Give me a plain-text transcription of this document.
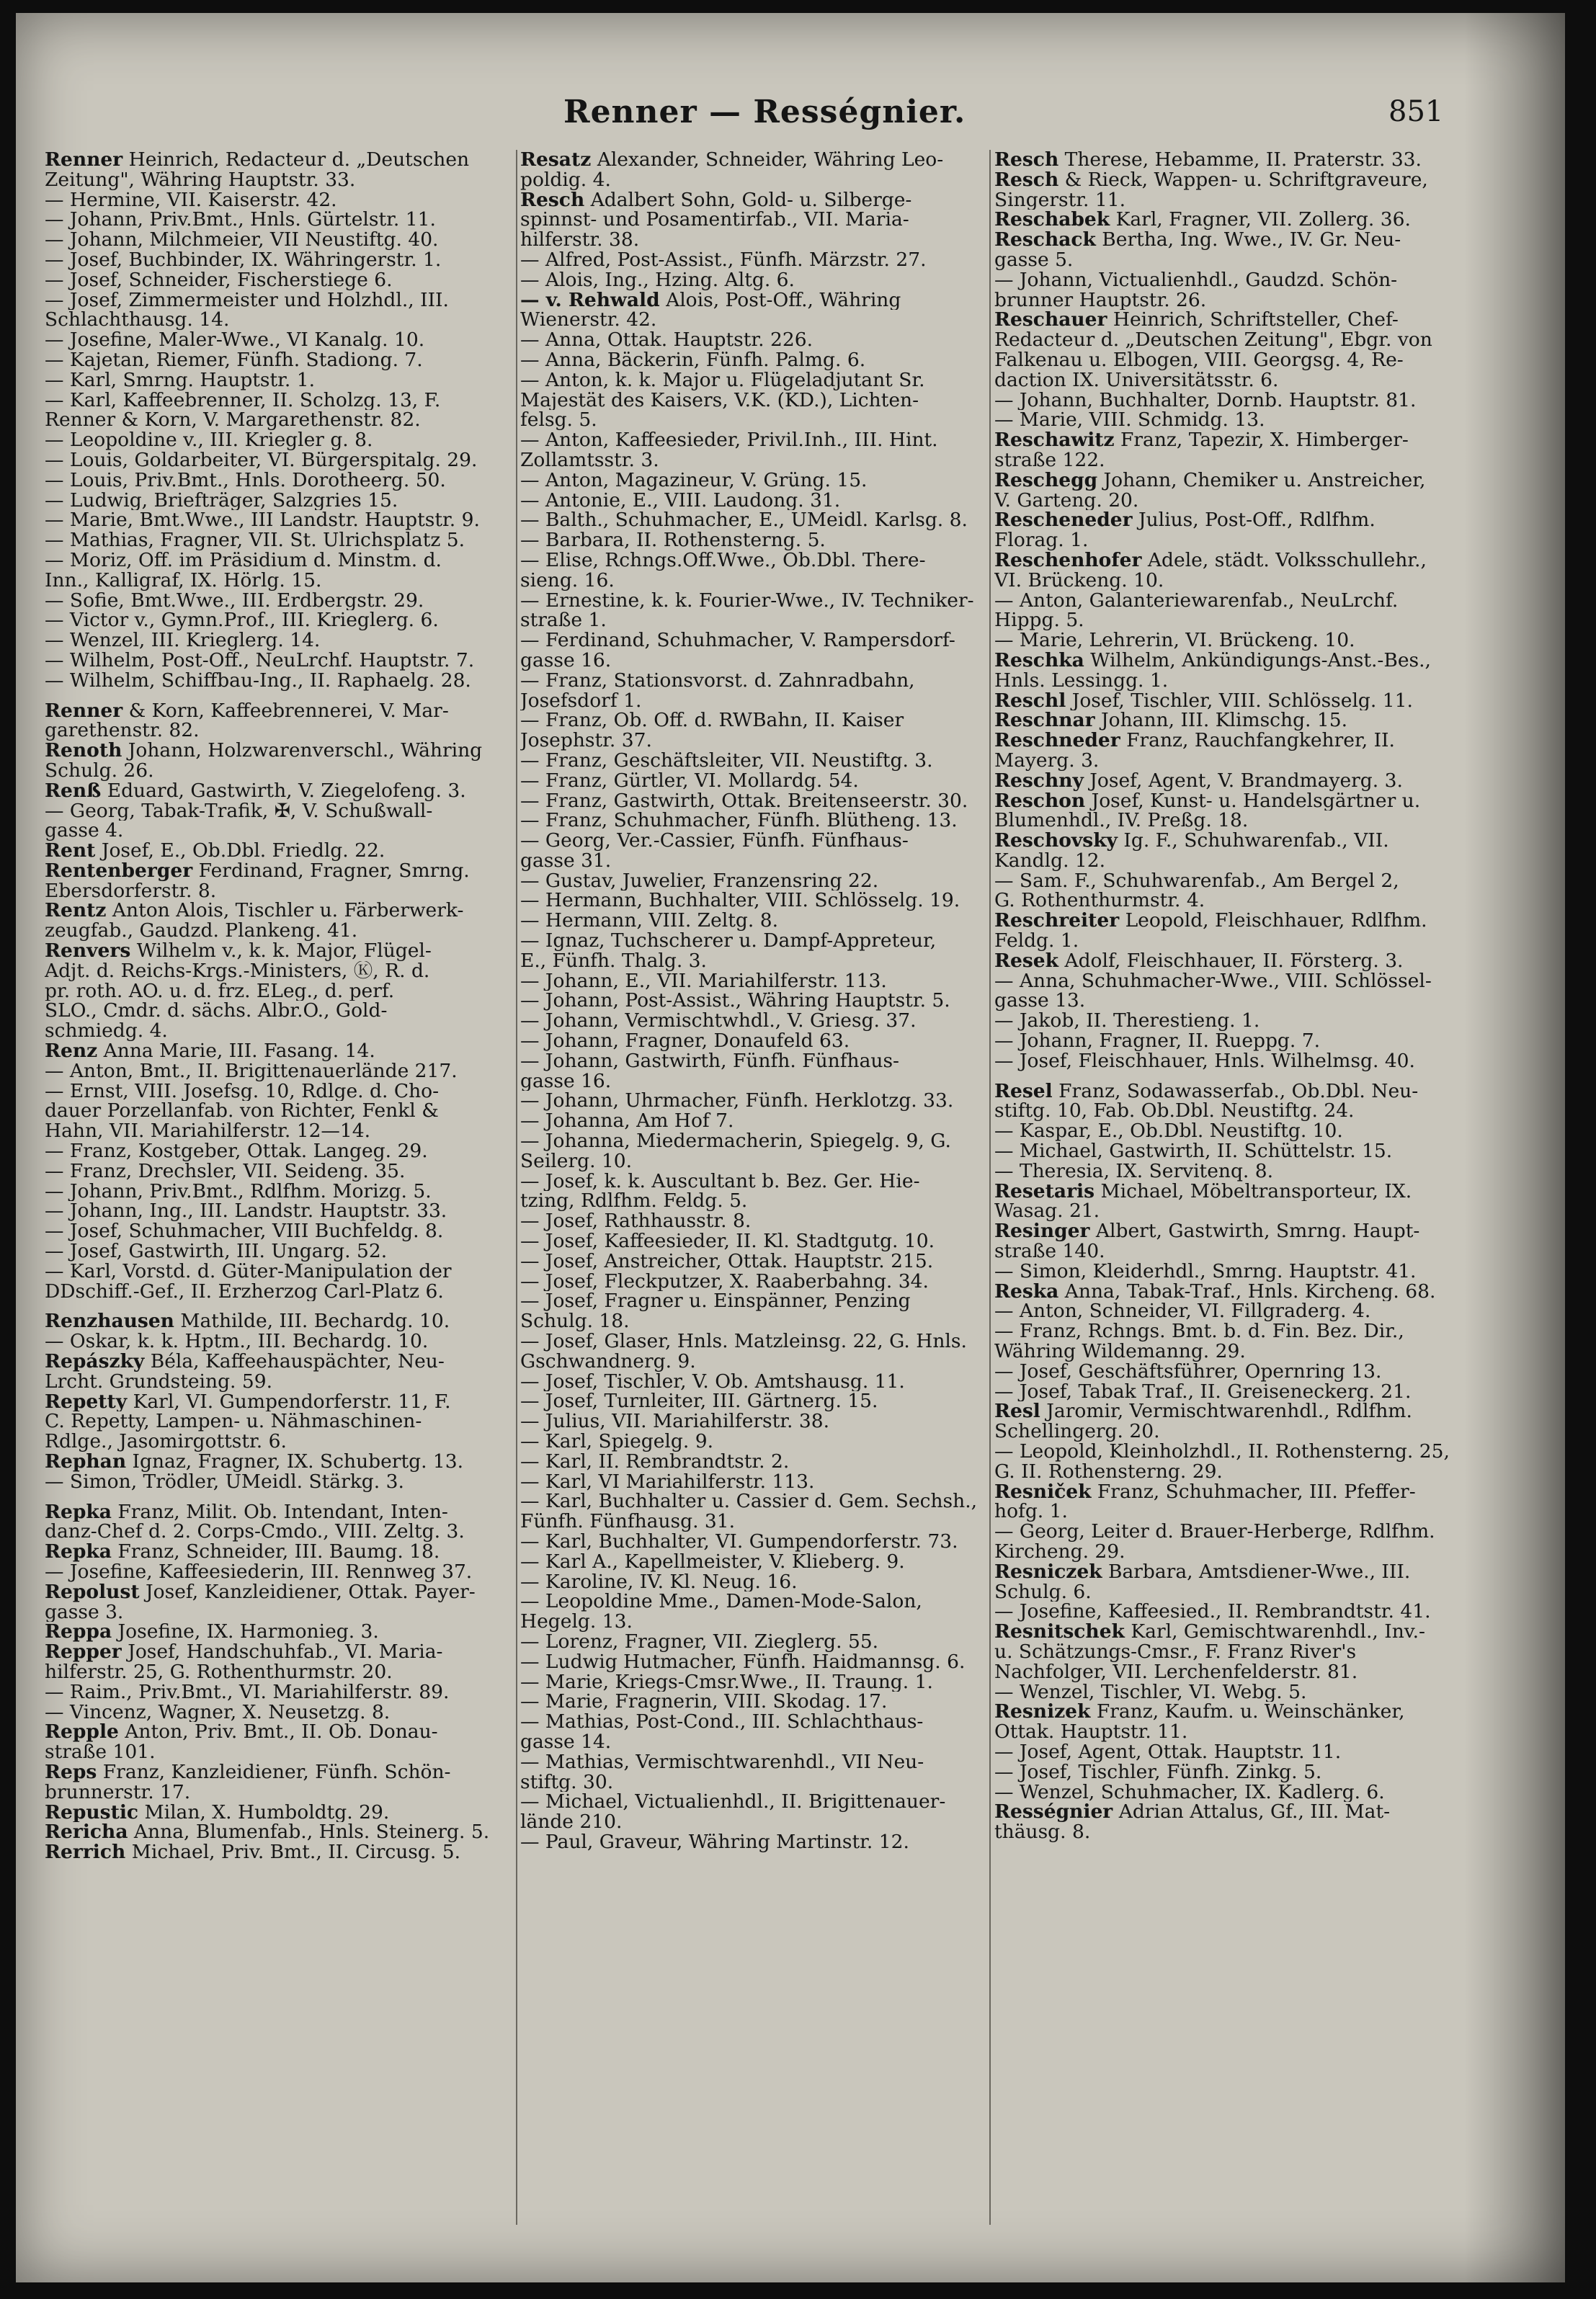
Renner — Rességnier.	851
Renner Heinrich, Redacteur d. „Deutschen
Zeitung", Währing Hauptstr. 33.
— Hermine, VII. Kaiserstr. 42.
— Johann, Priv.Bmt., Hnls. Gürtelstr. 11.
— Johann, Milchmeier, VII Neustiftg. 40.
— Josef, Buchbinder, IX. Währingerstr. 1.
— Josef, Schneider, Fischerstiege 6.
— Josef, Zimmermeister und Holzhdl., III.
Schlachthausg. 14.
— Josefine, Maler-Wwe., VI Kanalg. 10.
— Kajetan, Riemer, Fünfh. Stadiong. 7.
— Karl, Smrng. Hauptstr. 1.
— Karl, Kaffeebrenner, II. Scholzg. 13, F.
Renner & Korn, V. Margarethenstr. 82.
— Leopoldine v., III. Kriegler g. 8.
— Louis, Goldarbeiter, VI. Bürgerspitalg. 29.
— Louis, Priv.Bmt., Hnls. Dorotheerg. 50.
— Ludwig, Briefträger, Salzgries 15.
— Marie, Bmt.Wwe., III Landstr. Hauptstr. 9.
— Mathias, Fragner, VII. St. Ulrichsplatz 5.
— Moriz, Off. im Präsidium d. Minstm. d.
Inn., Kalligraf, IX. Hörlg. 15.
— Sofie, Bmt.Wwe., III. Erdbergstr. 29.
— Victor v., Gymn.Prof., III. Krieglerg. 6.
— Wenzel, III. Krieglerg. 14.
— Wilhelm, Post-Off., NeuLrchf. Hauptstr. 7.
— Wilhelm, Schiffbau-Ing., II. Raphaelg. 28.
Renner & Korn, Kaffeebrennerei, V. Mar-
garethenstr. 82.
Renoth Johann, Holzwarenverschl., Währing
Schulg. 26.
Renß Eduard, Gastwirth, V. Ziegelofeng. 3.
— Georg, Tabak-Trafik, ✠, V. Schußwall-
gasse 4.
Rent Josef, E., Ob.Dbl. Friedlg. 22.
Rentenberger Ferdinand, Fragner, Smrng.
Ebersdorferstr. 8.
Rentz Anton Alois, Tischler u. Färberwerk-
zeugfab., Gaudzd. Plankeng. 41.
Renvers Wilhelm v., k. k. Major, Flügel-
Adjt. d. Reichs-Krgs.-Ministers, Ⓚ, R. d.
pr. roth. AO. u. d. frz. ELeg., d. perf.
SLO., Cmdr. d. sächs. Albr.O., Gold-
schmiedg. 4.
Renz Anna Marie, III. Fasang. 14.
— Anton, Bmt., II. Brigittenauerlände 217.
— Ernst, VIII. Josefsg. 10, Rdlge. d. Cho-
dauer Porzellanfab. von Richter, Fenkl &
Hahn, VII. Mariahilferstr. 12—14.
— Franz, Kostgeber, Ottak. Langeg. 29.
— Franz, Drechsler, VII. Seideng. 35.
— Johann, Priv.Bmt., Rdlfhm. Morizg. 5.
— Johann, Ing., III. Landstr. Hauptstr. 33.
— Josef, Schuhmacher, VIII Buchfeldg. 8.
— Josef, Gastwirth, III. Ungarg. 52.
— Karl, Vorstd. d. Güter-Manipulation der
DDschiff.-Gef., II. Erzherzog Carl-Platz 6.
Renzhausen Mathilde, III. Bechardg. 10.
— Oskar, k. k. Hptm., III. Bechardg. 10.
Repászky Béla, Kaffeehauspächter, Neu-
Lrcht. Grundsteing. 59.
Repetty Karl, VI. Gumpendorferstr. 11, F.
C. Repetty, Lampen- u. Nähmaschinen-
Rdlge., Jasomirgottstr. 6.
Rephan Ignaz, Fragner, IX. Schubertg. 13.
— Simon, Trödler, UMeidl. Stärkg. 3.
Repka Franz, Milit. Ob. Intendant, Inten-
danz-Chef d. 2. Corps-Cmdo., VIII. Zeltg. 3.
Repka Franz, Schneider, III. Baumg. 18.
— Josefine, Kaffeesiederin, III. Rennweg 37.
Repolust Josef, Kanzleidiener, Ottak. Payer-
gasse 3.
Reppa Josefine, IX. Harmonieg. 3.
Repper Josef, Handschuhfab., VI. Maria-
hilferstr. 25, G. Rothenthurmstr. 20.
— Raim., Priv.Bmt., VI. Mariahilferstr. 89.
— Vincenz, Wagner, X. Neusetzg. 8.
Repple Anton, Priv. Bmt., II. Ob. Donau-
straße 101.
Reps Franz, Kanzleidiener, Fünfh. Schön-
brunnerstr. 17.
Repustic Milan, X. Humboldtg. 29.
Rericha Anna, Blumenfab., Hnls. Steinerg. 5.
Rerrich Michael, Priv. Bmt., II. Circusg. 5.
Resatz Alexander, Schneider, Währing Leo-
poldig. 4.
Resch Adalbert Sohn, Gold- u. Silberge-
spinnst- und Posamentirfab., VII. Maria-
hilferstr. 38.
— Alfred, Post-Assist., Fünfh. Märzstr. 27.
— Alois, Ing., Hzing. Altg. 6.
— v. Rehwald Alois, Post-Off., Währing
Wienerstr. 42.
— Anna, Ottak. Hauptstr. 226.
— Anna, Bäckerin, Fünfh. Palmg. 6.
— Anton, k. k. Major u. Flügeladjutant Sr.
Majestät des Kaisers, V.K. (KD.), Lichten-
felsg. 5.
— Anton, Kaffeesieder, Privil.Inh., III. Hint.
Zollamtsstr. 3.
— Anton, Magazineur, V. Grüng. 15.
— Antonie, E., VIII. Laudong. 31.
— Balth., Schuhmacher, E., UMeidl. Karlsg. 8.
— Barbara, II. Rothensterng. 5.
— Elise, Rchngs.Off.Wwe., Ob.Dbl. There-
sieng. 16.
— Ernestine, k. k. Fourier-Wwe., IV. Techniker-
straße 1.
— Ferdinand, Schuhmacher, V. Rampersdorf-
gasse 16.
— Franz, Stationsvorst. d. Zahnradbahn,
Josefsdorf 1.
— Franz, Ob. Off. d. RWBahn, II. Kaiser
Josephstr. 37.
— Franz, Geschäftsleiter, VII. Neustiftg. 3.
— Franz, Gürtler, VI. Mollardg. 54.
— Franz, Gastwirth, Ottak. Breitenseerstr. 30.
— Franz, Schuhmacher, Fünfh. Blütheng. 13.
— Georg, Ver.-Cassier, Fünfh. Fünfhaus-
gasse 31.
— Gustav, Juwelier, Franzensring 22.
— Hermann, Buchhalter, VIII. Schlösselg. 19.
— Hermann, VIII. Zeltg. 8.
— Ignaz, Tuchscherer u. Dampf-Appreteur,
E., Fünfh. Thalg. 3.
— Johann, E., VII. Mariahilferstr. 113.
— Johann, Post-Assist., Währing Hauptstr. 5.
— Johann, Vermischtwhdl., V. Griesg. 37.
— Johann, Fragner, Donaufeld 63.
— Johann, Gastwirth, Fünfh. Fünfhaus-
gasse 16.
— Johann, Uhrmacher, Fünfh. Herklotzg. 33.
— Johanna, Am Hof 7.
— Johanna, Miedermacherin, Spiegelg. 9, G.
Seilerg. 10.
— Josef, k. k. Auscultant b. Bez. Ger. Hie-
tzing, Rdlfhm. Feldg. 5.
— Josef, Rathhausstr. 8.
— Josef, Kaffeesieder, II. Kl. Stadtgutg. 10.
— Josef, Anstreicher, Ottak. Hauptstr. 215.
— Josef, Fleckputzer, X. Raaberbahng. 34.
— Josef, Fragner u. Einspänner, Penzing
Schulg. 18.
— Josef, Glaser, Hnls. Matzleinsg. 22, G. Hnls.
Gschwandnerg. 9.
— Josef, Tischler, V. Ob. Amtshausg. 11.
— Josef, Turnleiter, III. Gärtnerg. 15.
— Julius, VII. Mariahilferstr. 38.
— Karl, Spiegelg. 9.
— Karl, II. Rembrandtstr. 2.
— Karl, VI Mariahilferstr. 113.
— Karl, Buchhalter u. Cassier d. Gem. Sechsh.,
Fünfh. Fünfhausg. 31.
— Karl, Buchhalter, VI. Gumpendorferstr. 73.
— Karl A., Kapellmeister, V. Klieberg. 9.
— Karoline, IV. Kl. Neug. 16.
— Leopoldine Mme., Damen-Mode-Salon,
Hegelg. 13.
— Lorenz, Fragner, VII. Zieglerg. 55.
— Ludwig Hutmacher, Fünfh. Haidmannsg. 6.
— Marie, Kriegs-Cmsr.Wwe., II. Traung. 1.
— Marie, Fragnerin, VIII. Skodag. 17.
— Mathias, Post-Cond., III. Schlachthaus-
gasse 14.
— Mathias, Vermischtwarenhdl., VII Neu-
stiftg. 30.
— Michael, Victualienhdl., II. Brigittenauer-
lände 210.
— Paul, Graveur, Währing Martinstr. 12.
Resch Therese, Hebamme, II. Praterstr. 33.
Resch & Rieck, Wappen- u. Schriftgraveure,
Singerstr. 11.
Reschabek Karl, Fragner, VII. Zollerg. 36.
Reschack Bertha, Ing. Wwe., IV. Gr. Neu-
gasse 5.
— Johann, Victualienhdl., Gaudzd. Schön-
brunner Hauptstr. 26.
Reschauer Heinrich, Schriftsteller, Chef-
Redacteur d. „Deutschen Zeitung", Ebgr. von
Falkenau u. Elbogen, VIII. Georgsg. 4, Re-
daction IX. Universitätsstr. 6.
— Johann, Buchhalter, Dornb. Hauptstr. 81.
— Marie, VIII. Schmidg. 13.
Reschawitz Franz, Tapezir, X. Himberger-
straße 122.
Reschegg Johann, Chemiker u. Anstreicher,
V. Garteng. 20.
Rescheneder Julius, Post-Off., Rdlfhm.
Florag. 1.
Reschenhofer Adele, städt. Volksschullehr.,
VI. Brückeng. 10.
— Anton, Galanteriewarenfab., NeuLrchf.
Hippg. 5.
— Marie, Lehrerin, VI. Brückeng. 10.
Reschka Wilhelm, Ankündigungs-Anst.-Bes.,
Hnls. Lessingg. 1.
Reschl Josef, Tischler, VIII. Schlösselg. 11.
Reschnar Johann, III. Klimschg. 15.
Reschneder Franz, Rauchfangkehrer, II.
Mayerg. 3.
Reschny Josef, Agent, V. Brandmayerg. 3.
Reschon Josef, Kunst- u. Handelsgärtner u.
Blumenhdl., IV. Preßg. 18.
Reschovsky Ig. F., Schuhwarenfab., VII.
Kandlg. 12.
— Sam. F., Schuhwarenfab., Am Bergel 2,
G. Rothenthurmstr. 4.
Reschreiter Leopold, Fleischhauer, Rdlfhm.
Feldg. 1.
Resek Adolf, Fleischhauer, II. Försterg. 3.
— Anna, Schuhmacher-Wwe., VIII. Schlössel-
gasse 13.
— Jakob, II. Therestieng. 1.
— Johann, Fragner, II. Rueppg. 7.
— Josef, Fleischhauer, Hnls. Wilhelmsg. 40.
Resel Franz, Sodawasserfab., Ob.Dbl. Neu-
stiftg. 10, Fab. Ob.Dbl. Neustiftg. 24.
— Kaspar, E., Ob.Dbl. Neustiftg. 10.
— Michael, Gastwirth, II. Schüttelstr. 15.
— Theresia, IX. Servitenq. 8.
Resetaris Michael, Möbeltransporteur, IX.
Wasag. 21.
Resinger Albert, Gastwirth, Smrng. Haupt-
straße 140.
— Simon, Kleiderhdl., Smrng. Hauptstr. 41.
Reska Anna, Tabak-Traf., Hnls. Kircheng. 68.
— Anton, Schneider, VI. Fillgraderg. 4.
— Franz, Rchngs. Bmt. b. d. Fin. Bez. Dir.,
Währing Wildemanng. 29.
— Josef, Geschäftsführer, Opernring 13.
— Josef, Tabak Traf., II. Greiseneckerg. 21.
Resl Jaromir, Vermischtwarenhdl., Rdlfhm.
Schellingerg. 20.
— Leopold, Kleinholzhdl., II. Rothensterng. 25,
G. II. Rothensterng. 29.
Resniček Franz, Schuhmacher, III. Pfeffer-
hofg. 1.
— Georg, Leiter d. Brauer-Herberge, Rdlfhm.
Kircheng. 29.
Resniczek Barbara, Amtsdiener-Wwe., III.
Schulg. 6.
— Josefine, Kaffeesied., II. Rembrandtstr. 41.
Resnitschek Karl, Gemischtwarenhdl., Inv.-
u. Schätzungs-Cmsr., F. Franz River's
Nachfolger, VII. Lerchenfelderstr. 81.
— Wenzel, Tischler, VI. Webg. 5.
Resnizek Franz, Kaufm. u. Weinschänker,
Ottak. Hauptstr. 11.
— Josef, Agent, Ottak. Hauptstr. 11.
— Josef, Tischler, Fünfh. Zinkg. 5.
— Wenzel, Schuhmacher, IX. Kadlerg. 6.
Rességnier Adrian Attalus, Gf., III. Mat-
thäusg. 8.
